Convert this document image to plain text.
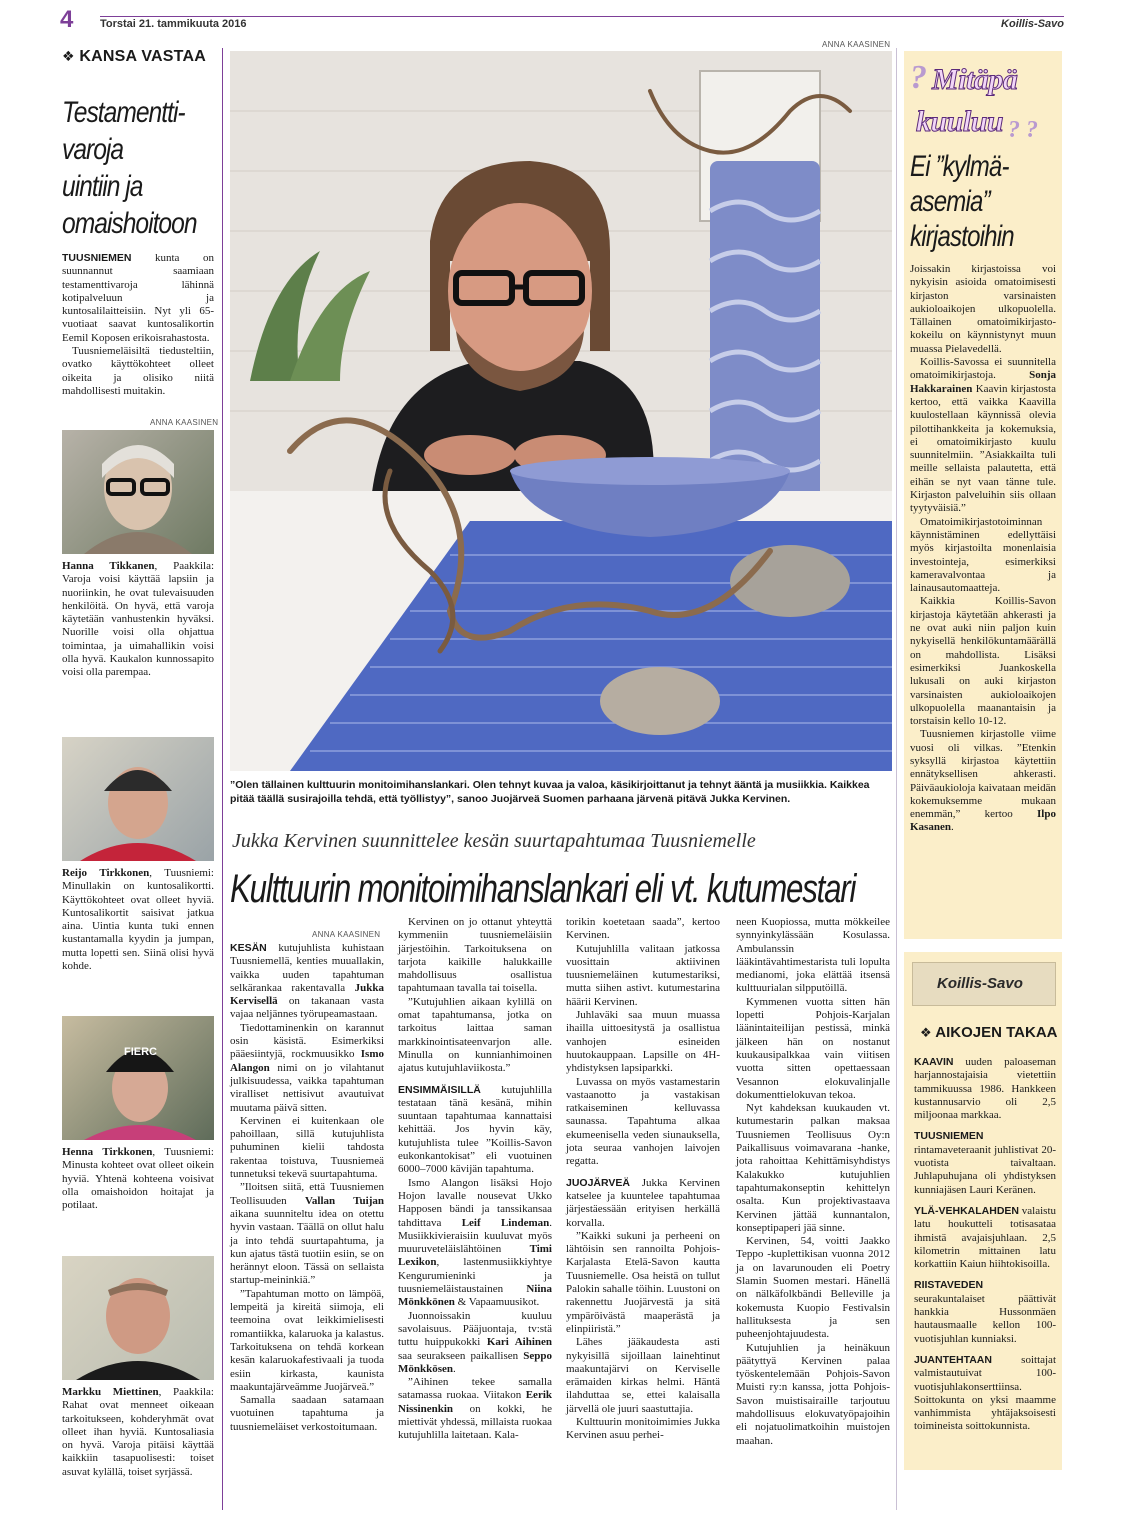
4 Torstai 21. tammikuuta 2016	Koillis-Savo
❖ KANSA VASTAA
Testamentti-
varoja
uintiin ja
omaishoitoon

TUUSNIEMEN kunta on suunnannut saamiaan testamenttivaroja lähinnä kotipalveluun ja kuntosalilaitteisiin. Nyt yli 65-vuotiaat saavat kuntosalikortin Eemil Koposen erikoisrahastosta.

Tuusniemeläisiltä tiedusteltiin, ovatko käyttökohteet olleet oikeita ja olisiko niitä mahdollisesti muitakin.

ANNA KAASINEN

Hanna Tikkanen, Paakkila: Varoja voisi käyttää lapsiin ja nuoriinkin, he ovat tulevaisuuden henkilöitä. On hyvä, että varoja käytetään vanhustenkin hyväksi. Nuorille voisi olla ohjattua toimintaa, ja uimahallikin voisi olla hyvä. Kaukalon kunnossapito voisi olla parempaa.

Reijo Tirkkonen, Tuusniemi: Minullakin on kuntosalikortti. Käyttökohteet ovat olleet hyviä. Kuntosalikortit saisivat jatkua aina. Uintia kunta tuki ennen kustantamalla kyydin ja jumpan, mutta lopetti sen. Siinä olisi hyvä kohde.

FIERC

Henna Tirkkonen, Tuusniemi: Minusta kohteet ovat olleet oikein hyviä. Yhtenä kohteena voisivat olla omaishoidon hoitajat ja potilaat.

Markku Miettinen, Paakkila: Rahat ovat menneet oikeaan tarkoitukseen, kohderyhmät ovat olleet ihan hyviä. Kuntosaliasia on hyvä. Varoja pitäisi käyttää kaikkiin tasapuolisesti: toiset asuvat kylällä, toiset syrjässä.

ANNA KAASINEN
”Olen tällainen kulttuurin monitoimihanslankari. Olen tehnyt kuvaa ja valoa, käsikirjoittanut ja tehnyt ääntä ja musiikkia. Kaikkea pitää täällä susirajoilla tehdä, että työllistyy”, sanoo Juojärveä Suomen parhaana järvenä pitävä Jukka Kervinen.
Jukka Kervinen suunnittelee kesän suurtapahtumaa Tuusniemelle
Kulttuurin monitoimihanslankari eli vt. kutumestari
ANNA KAASINEN

KESÄN kutujuhlista kuhistaan Tuusniemellä, kenties muuallakin, vaikka uuden tapahtuman selkärankaa rakentavalla Jukka Kervisellä on takanaan vasta vajaa neljännes työrupeamastaan.

Tiedottaminenkin on karannut osin käsistä. Esimerkiksi pääesiintyjä, rockmuusikko Ismo Alangon nimi on jo vilahtanut julkisuudessa, vaikka tapahtuman viralliset nettisivut avautuivat muutama päivä sitten.

Kervinen ei kuitenkaan ole pahoillaan, sillä kutujuhlista puhuminen kielii tahdosta rakentaa toistuva, Tuusniemeä tunnetuksi tekevä suurtapahtuma.

”Iloitsen siitä, että Tuusniemen Teollisuuden Vallan Tuijan aikana suunniteltu idea on otettu hyvin vastaan. Täällä on ollut halu ja into tehdä suurtapahtuma, ja kun ajatus tästä tuotiin esiin, se on herännyt eloon. Tässä on sellaista startup-meininkiä.”

”Tapahtuman motto on lämpöä, lempeitä ja kireitä siimoja, eli teemoina ovat leikkimielisesti romantiikka, kalaruoka ja kalastus. Tarkoituksena on tehdä korkean kesän kalaruokafestivaali ja tuoda esiin kirkasta, kaunista maakuntajärveämme Juojärveä.”

Samalla saadaan satamaan vuotuinen tapahtuma ja tuusniemeläiset verkostoitumaan.

Kervinen on jo ottanut yhteyttä kymmeniin tuusniemeläisiin järjestöihin. Tarkoituksena on tarjota kaikille halukkaille mahdollisuus osallistua tapahtumaan tavalla tai toisella.

”Kutujuhlien aikaan kylillä on omat tapahtumansa, jotka on tarkoitus laittaa saman markkinointisateenvarjon alle. Minulla on kunnianhimoinen ajatus kutujuhlaviikosta.”

ENSIMMÄISILLÄ kutujuhlilla testataan tänä kesänä, mihin suuntaan tapahtumaa kannattaisi kehittää. Jos hyvin käy, kutujuhlista tulee ”Koillis-Savon eukonkantokisat” eli vuotuinen 6000–7000 kävijän tapahtuma.

Ismo Alangon lisäksi Hojo Hojon lavalle nousevat Ukko Happosen bändi ja tanssikansaa tahdittava Leif Lindeman. Musiikkivieraisiin kuuluvat myös muuruveteläislähtöinen Timi Lexikon, lastenmusiikkiyhtye Kengurumieninki ja tuusniemeläistaustainen Niina Mönkkönen & Vapaamuusikot.

Juonnoissakin kuuluu savolaisuus. Pääjuontaja, tv:stä tuttu huippukokki Kari Aihinen saa seurakseen paikallisen Seppo Mönkkösen.

”Aihinen tekee samalla satamassa ruokaa. Viitakon Eerik Nissinenkin on kokki, he miettivät yhdessä, millaista ruokaa kutujuhlilla laitetaan. Kala-

torikin koetetaan saada”, kertoo Kervinen.

Kutujuhlilla valitaan jatkossa vuosittain aktiivinen tuusniemeläinen kutumestariksi, mutta siihen astivt. kutumestarina häärii Kervinen.

Juhlaväki saa muun muassa ihailla uittoesitystä ja osallistua vanhojen esineiden huutokauppaan. Lapsille on 4H-yhdistyksen lapsiparkki.

Luvassa on myös vastamestarin vastaanotto ja vastakisan ratkaiseminen kelluvassa saunassa. Tapahtuma alkaa ekumeenisella veden siunauksella, jota seuraa vanhojen laivojen regatta.

JUOJÄRVEÄ Jukka Kervinen katselee ja kuuntelee tapahtumaa järjestäessään erityisen herkällä korvalla.

”Kaikki sukuni ja perheeni on lähtöisin sen rannoilta Pohjois-Karjalasta Etelä-Savon kautta Tuusniemelle. Osa heistä on tullut Palokin sahalle töihin. Luustoni on rakennettu Juojärvestä ja sitä ympäröivästä maaperästä ja elinpiiristä.”

Lähes jääkaudesta asti nykyisillä sijoillaan lainehtinut maakuntajärvi on Kerviselle erämaiden kirkas helmi. Häntä ilahduttaa se, ettei kalaisalla järvellä ole juuri saastuttajia.

Kulttuurin monitoimimies Jukka Kervinen asuu perhei-

neen Kuopiossa, mutta mökkeilee synnyinkylässään Kosulassa. Ambulanssin lääkintävahtimestarista tuli lopulta medianomi, joka elättää itsensä kulttuurialan silpputöillä.

Kymmenen vuotta sitten hän lopetti Pohjois-Karjalan läänintaiteilijan pestissä, minkä jälkeen hän on nostanut kuukausipalkkaa vain viitisen vuotta sitten opettaessaan Vesannon elokuvalinjalle dokumenttielokuvan tekoa.

Nyt kahdeksan kuukauden vt. kutumestarin palkan maksaa Tuusniemen Teollisuus Oy:n Paikallisuus voimavarana -hanke, jota rahoittaa Kehittämisyhdistys Kalakukko kutujuhlien tapahtumakonseptin kehittelyn osalta. Kun projektivastaava Kervinen jättää kunnantalon, konseptipaperi jää sinne.

Kervinen, 54, voitti Jaakko Teppo -kuplettikisan vuonna 2012 ja on lavarunouden eli Poetry Slamin Suomen mestari. Hänellä on nälkäfolkbändi Belleville ja kokemusta Kuopio Festivalsin hallituksesta ja sen puheenjohtajuudesta.

Kutujuhlien ja heinäkuun päätyttyä Kervinen palaa työskentelemään Pohjois-Savon Muisti ry:n kanssa, jotta Pohjois-Savon muistisairaille tarjoutuu mahdollisuus elokuvatyöpajoihin eli nojatuolimatkoihin muistojen maahan.

? Mitäpä
kuuluu ? ?
Ei ”kylmä-
asemia”
kirjastoihin

Joissakin kirjastoissa voi nykyisin asioida omatoimisesti kirjaston varsinaisten aukioloaikojen ulkopuolella. Tällainen omatoimikirjasto-kokeilu on käynnistynyt muun muassa Pielavedellä.

Koillis-Savossa ei suunnitella omatoimikirjastoja. Sonja Hakkarainen Kaavin kirjastosta kertoo, että vaikka Kaavilla kuulostellaan käynnissä olevia pilottihankkeita ja kokemuksia, ei omatoimikirjasto kuulu suunnitelmiin. ”Asiakkailta tuli meille sellaista palautetta, että eihän se nyt vaan tänne tule. Kirjaston palveluihin siis ollaan tyytyväisiä.”

Omatoimikirjastotoiminnan käynnistäminen edellyttäisi myös kirjastoilta monenlaisia investointeja, esimerkiksi kameravalvontaa ja lainausautomaatteja.

Kaikkia Koillis-Savon kirjastoja käytetään ahkerasti ja ne ovat auki niin paljon kuin nykyisellä henkilökuntamäärällä on mahdollista. Lisäksi esimerkiksi Juankoskella lukusali on auki kirjaston varsinaisten aukioloaikojen ulkopuolella maanantaisin ja torstaisin kello 10-12.

Tuusniemen kirjastolle viime vuosi oli vilkas. ”Etenkin syksyllä kirjastoa käytettiin ennätyksellisen ahkerasti. Päiväaukioloja kaivataan meidän kokemuksemme mukaan enemmän,” kertoo Ilpo Kasanen.

Koillis-Savo
❖ AIKOJEN TAKAA

KAAVIN uuden paloaseman harjannostajaisia vietettiin tammikuussa 1986. Hankkeen kustannusarvio oli 2,5 miljoonaa markkaa.

TUUSNIEMEN rintamaveteraanit juhlistivat 20-vuotista taivaltaan. Juhlapuhujana oli yhdistyksen kunniajäsen Lauri Keränen.

YLÄ-VEHKALAHDEN valaistu latu houkutteli totisasataa ihmistä avajaisjuhlaan. 2,5 kilometrin mittainen latu korkattiin Kaiun hiihtokisoilla.

RIISTAVEDEN seurakuntalaiset päättivät hankkia Hussonmäen hautausmaalle kellon 100-vuotisjuhlan kunniaksi.

JUANTEHTAAN soittajat valmistautuivat 100-vuotisjuhlakonserttiinsa. Soittokunta on yksi maamme vanhimmista yhtäjaksoisesti toimineista soittokunnista.
